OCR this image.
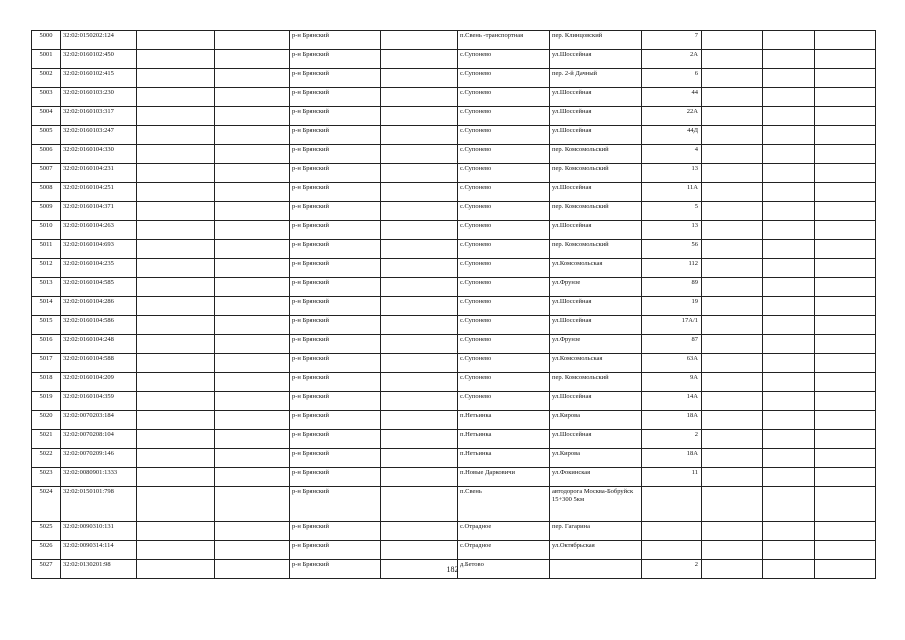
5000	32:02:0150202:124			р-н Брянский		п.Свень -транспортная	пер. Клинцовский	7			
5001	32:02:0160102:450			р-н Брянский		с.Супонево	ул.Шоссейная	2А			
5002	32:02:0160102:415			р-н Брянский		с.Супонево	пер. 2-й Дачный	6			
5003	32:02:0160103:230			р-н Брянский		с.Супонево	ул.Шоссейная	44			
5004	32:02:0160103:317			р-н Брянский		с.Супонево	ул.Шоссейная	22А			
5005	32:02:0160103:247			р-н Брянский		с.Супонево	ул.Шоссейная	44Д			
5006	32:02:0160104:330			р-н Брянский		с.Супонево	пер. Комсомольский	4			
5007	32:02:0160104:231			р-н Брянский		с.Супонево	пер. Комсомольский	13			
5008	32:02:0160104:251			р-н Брянский		с.Супонево	ул.Шоссейная	11А			
5009	32:02:0160104:371			р-н Брянский		с.Супонево	пер. Комсомольский	5			
5010	32:02:0160104:263			р-н Брянский		с.Супонево	ул.Шоссейная	13			
5011	32:02:0160104:693			р-н Брянский		с.Супонево	пер. Комсомольский	56			
5012	32:02:0160104:235			р-н Брянский		с.Супонево	ул.Комсомольская	112			
5013	32:02:0160104:585			р-н Брянский		с.Супонево	ул.Фрунзе	89			
5014	32:02:0160104:286			р-н Брянский		с.Супонево	ул.Шоссейная	19			
5015	32:02:0160104:586			р-н Брянский		с.Супонево	ул.Шоссейная	17А/1			
5016	32:02:0160104:248			р-н Брянский		с.Супонево	ул.Фрунзе	87			
5017	32:02:0160104:588			р-н Брянский		с.Супонево	ул.Комсомольская	63А			
5018	32:02:0160104:209			р-н Брянский		с.Супонево	пер. Комсомольский	9А			
5019	32:02:0160104:359			р-н Брянский		с.Супонево	ул.Шоссейная	14А			
5020	32:02:0070203:184			р-н Брянский		п.Нетьинка	ул.Кирова	18А			
5021	32:02:0070208:104			р-н Брянский		п.Нетьинка	ул.Шоссейная	2			
5022	32:02:0070209:146			р-н Брянский		п.Нетьинка	ул.Кирова	18А			
5023	32:02:0080901:1333			р-н Брянский		п.Новые Дарковичи	ул.Фокинская	11			
5024	32:02:0150101:798			р-н Брянский		п.Свень	автодорога Москва-Бобруйск 15+300 5км				
5025	32:02:0090310:131			р-н Брянский		с.Отрадное	пер. Гагарина				
5026	32:02:0090314:114			р-н Брянский		с.Отрадное	ул.Октябрьская				
5027	32:02:0130201:98			р-н Брянский		д.Бетово		2			
182
